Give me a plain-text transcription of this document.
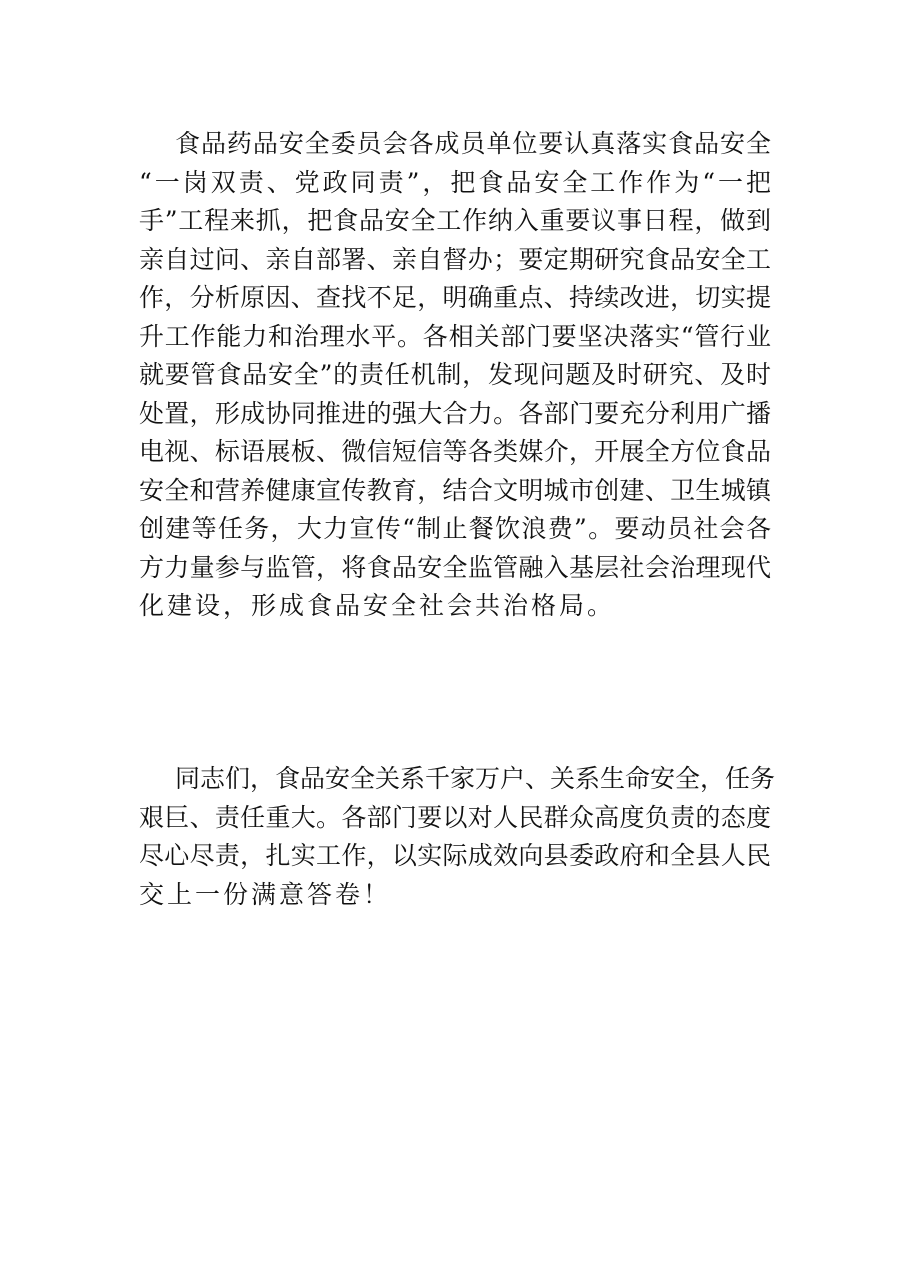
食品药品安全委员会各成员单位要认真落实食品安全
“一岗双责、党政同责”，把食品安全工作作为“一把
手”工程来抓，把食品安全工作纳入重要议事日程，做到
亲自过问、亲自部署、亲自督办；要定期研究食品安全工
作，分析原因、查找不足，明确重点、持续改进，切实提
升工作能力和治理水平。各相关部门要坚决落实“管行业
就要管食品安全”的责任机制，发现问题及时研究、及时
处置，形成协同推进的强大合力。各部门要充分利用广播
电视、标语展板、微信短信等各类媒介，开展全方位食品
安全和营养健康宣传教育，结合文明城市创建、卫生城镇
创建等任务，大力宣传“制止餐饮浪费”。要动员社会各
方力量参与监管，将食品安全监管融入基层社会治理现代
化建设，形成食品安全社会共治格局。
同志们，食品安全关系千家万户、关系生命安全，任务
艰巨、责任重大。各部门要以对人民群众高度负责的态度
尽心尽责，扎实工作，以实际成效向县委政府和全县人民
交上一份满意答卷！
